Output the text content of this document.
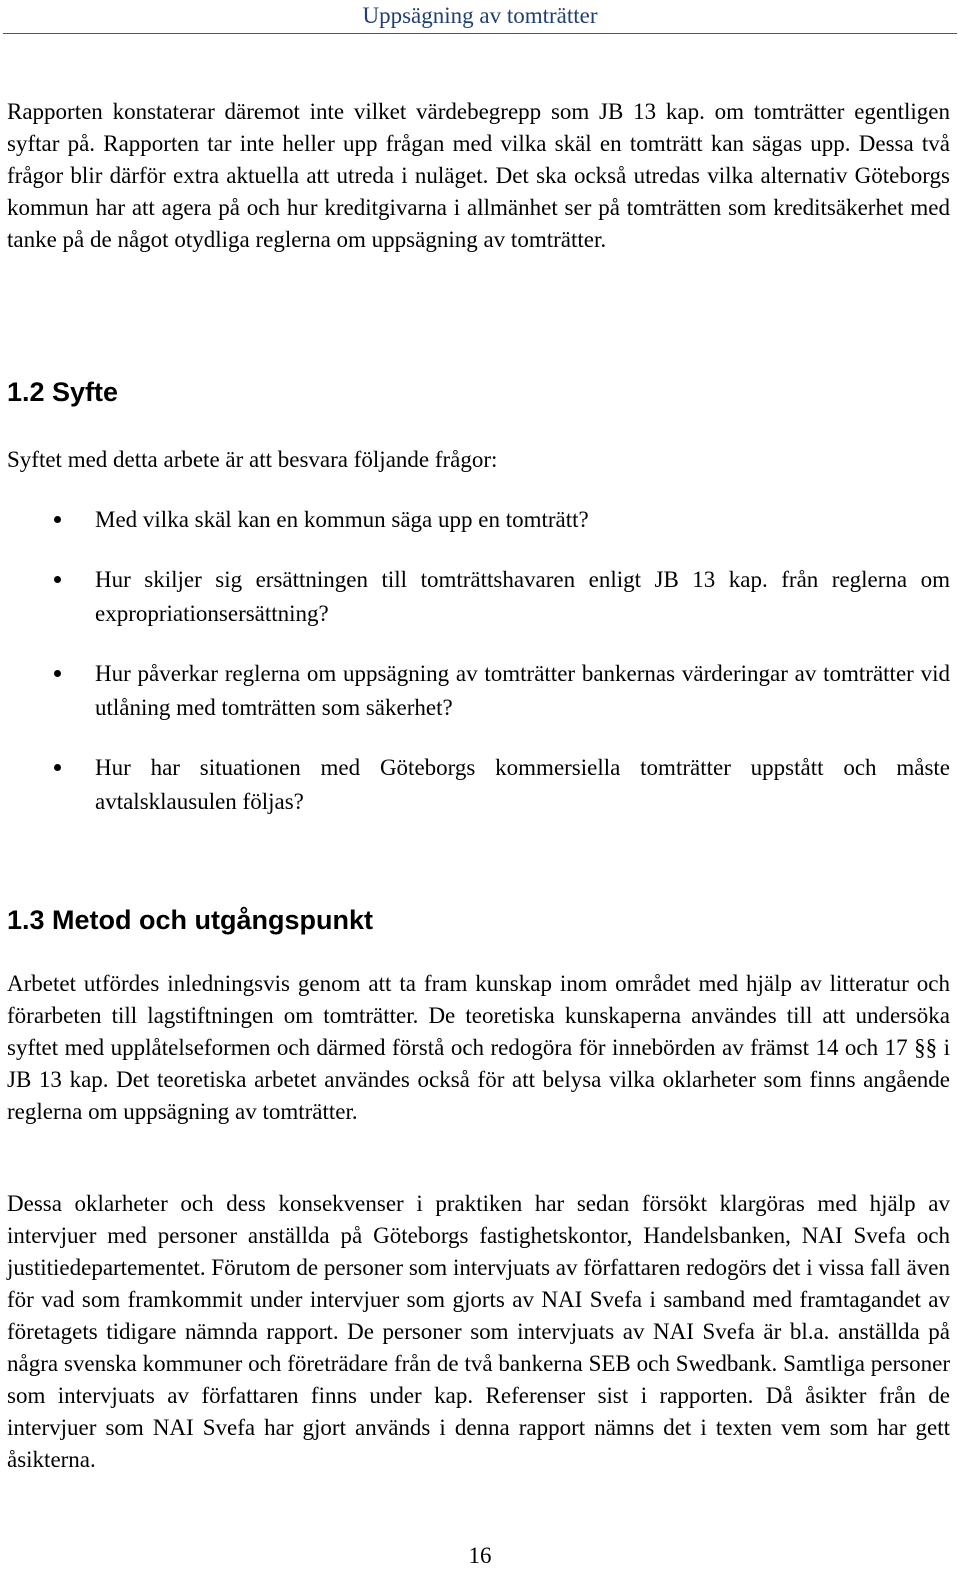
Uppsägning av tomträtter

Rapporten konstaterar däremot inte vilket värdebegrepp som JB 13 kap. om tomträtter egentligen syftar på. Rapporten tar inte heller upp frågan med vilka skäl en tomträtt kan sägas upp. Dessa två frågor blir därför extra aktuella att utreda i nuläget. Det ska också utredas vilka alternativ Göteborgs kommun har att agera på och hur kreditgivarna i allmänhet ser på tomträtten som kreditsäkerhet med tanke på de något otydliga reglerna om uppsägning av tomträtter.

1.2 Syfte

Syftet med detta arbete är att besvara följande frågor:

Med vilka skäl kan en kommun säga upp en tomträtt?
Hur skiljer sig ersättningen till tomträttshavaren enligt JB 13 kap. från reglerna om expropriationsersättning?
Hur påverkar reglerna om uppsägning av tomträtter bankernas värderingar av tomträtter vid utlåning med tomträtten som säkerhet?
Hur har situationen med Göteborgs kommersiella tomträtter uppstått och måste avtalsklausulen följas?
1.3 Metod och utgångspunkt

Arbetet utfördes inledningsvis genom att ta fram kunskap inom området med hjälp av litteratur och förarbeten till lagstiftningen om tomträtter. De teoretiska kunskaperna användes till att undersöka syftet med upplåtelseformen och därmed förstå och redogöra för innebörden av främst 14 och 17 §§ i JB 13 kap. Det teoretiska arbetet användes också för att belysa vilka oklarheter som finns angående reglerna om uppsägning av tomträtter.

Dessa oklarheter och dess konsekvenser i praktiken har sedan försökt klargöras med hjälp av intervjuer med personer anställda på Göteborgs fastighetskontor, Handelsbanken, NAI Svefa och justitiedepartementet. Förutom de personer som intervjuats av författaren redogörs det i vissa fall även för vad som framkommit under intervjuer som gjorts av NAI Svefa i samband med framtagandet av företagets tidigare nämnda rapport. De personer som intervjuats av NAI Svefa är bl.a. anställda på några svenska kommuner och företrädare från de två bankerna SEB och Swedbank. Samtliga personer som intervjuats av författaren finns under kap. Referenser sist i rapporten. Då åsikter från de intervjuer som NAI Svefa har gjort används i denna rapport nämns det i texten vem som har gett åsikterna.

16
